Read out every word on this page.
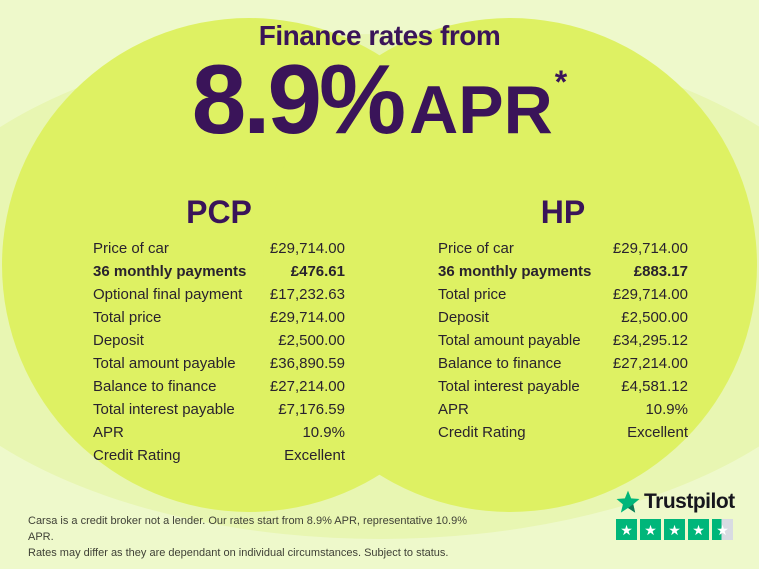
Finance rates from
8.9% APR *
PCP	HP
Price of car	£29,714.00
36 monthly payments	£476.61
Optional final payment £17,232.63
Total price	£29,714.00
Deposit	£2,500.00
Total amount payable £36,890.59
Balance to finance	£27,214.00
Total interest payable	£7,176.59
APR	10.9%
Credit Rating	Excellent
Price of car	£29,714.00
36 monthly payments	£883.17
Total price	£29,714.00
Deposit	£2,500.00
Total amount payable £34,295.12
Balance to finance	£27,214.00
Total interest payable	£4,581.12
APR	10.9%
Credit Rating	Excellent
Carsa is a credit broker not a lender. Our rates start from 8.9% APR, representative 10.9% APR.
Rates may differ as they are dependant on individual circumstances. Subject to status.
Trustpilot
★ ★ ★ ★ ★
